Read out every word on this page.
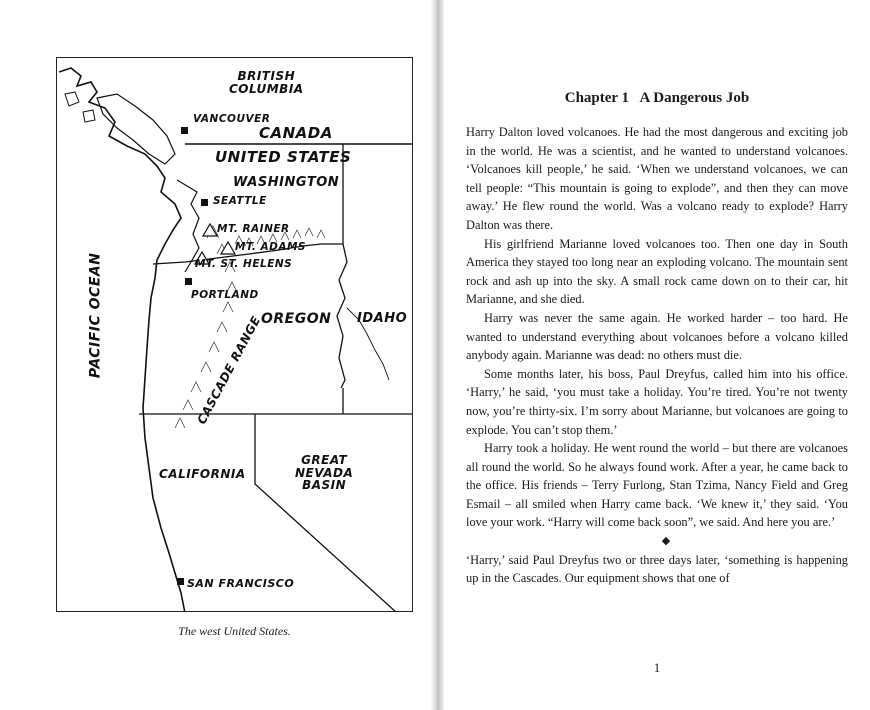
BRITISH
COLUMBIA
VANCOUVER
CANADA
UNITED STATES
WASHINGTON
SEATTLE
MT. RAINER
MT. ADAMS
MT. ST. HELENS
PORTLAND
OREGON IDAHO
PACIFIC OCEAN	CASCADE RANGE
CALIFORNIA
GREAT
NEVADA
BASIN
SAN FRANCISCO
The west United States.
Chapter 1   A Dangerous Job

Harry Dalton loved volcanoes. He had the most dangerous and exciting job in the world. He was a scientist, and he wanted to understand volcanoes. ‘Volcanoes kill people,’ he said. ‘When we understand volcanoes, we can tell people: “This mountain is going to explode”, and then they can move away.’ He flew round the world. Was a volcano ready to explode? Harry Dalton was there.

His girlfriend Marianne loved volcanoes too. Then one day in South America they stayed too long near an exploding volcano. The mountain sent rock and ash up into the sky. A small rock came down on to their car, hit Marianne, and she died.

Harry was never the same again. He worked harder – too hard. He wanted to understand everything about volcanoes before a volcano killed anybody again. Marianne was dead: no others must die.

Some months later, his boss, Paul Dreyfus, called him into his office. ‘Harry,’ he said, ‘you must take a holiday. You’re tired. You’re not twenty now, you’re thirty-six. I’m sorry about Marianne, but volcanoes are going to explode. You can’t stop them.’

Harry took a holiday. He went round the world – but there are volcanoes all round the world. So he always found work. After a year, he came back to the office. His friends – Terry Furlong, Stan Tzima, Nancy Field and Greg Esmail – all smiled when Harry came back. ‘We knew it,’ they said. ‘You love your work. “Harry will come back soon”, we said. And here you are.’

◆

‘Harry,’ said Paul Dreyfus two or three days later, ‘something is happening up in the Cascades. Our equipment shows that one of

1
